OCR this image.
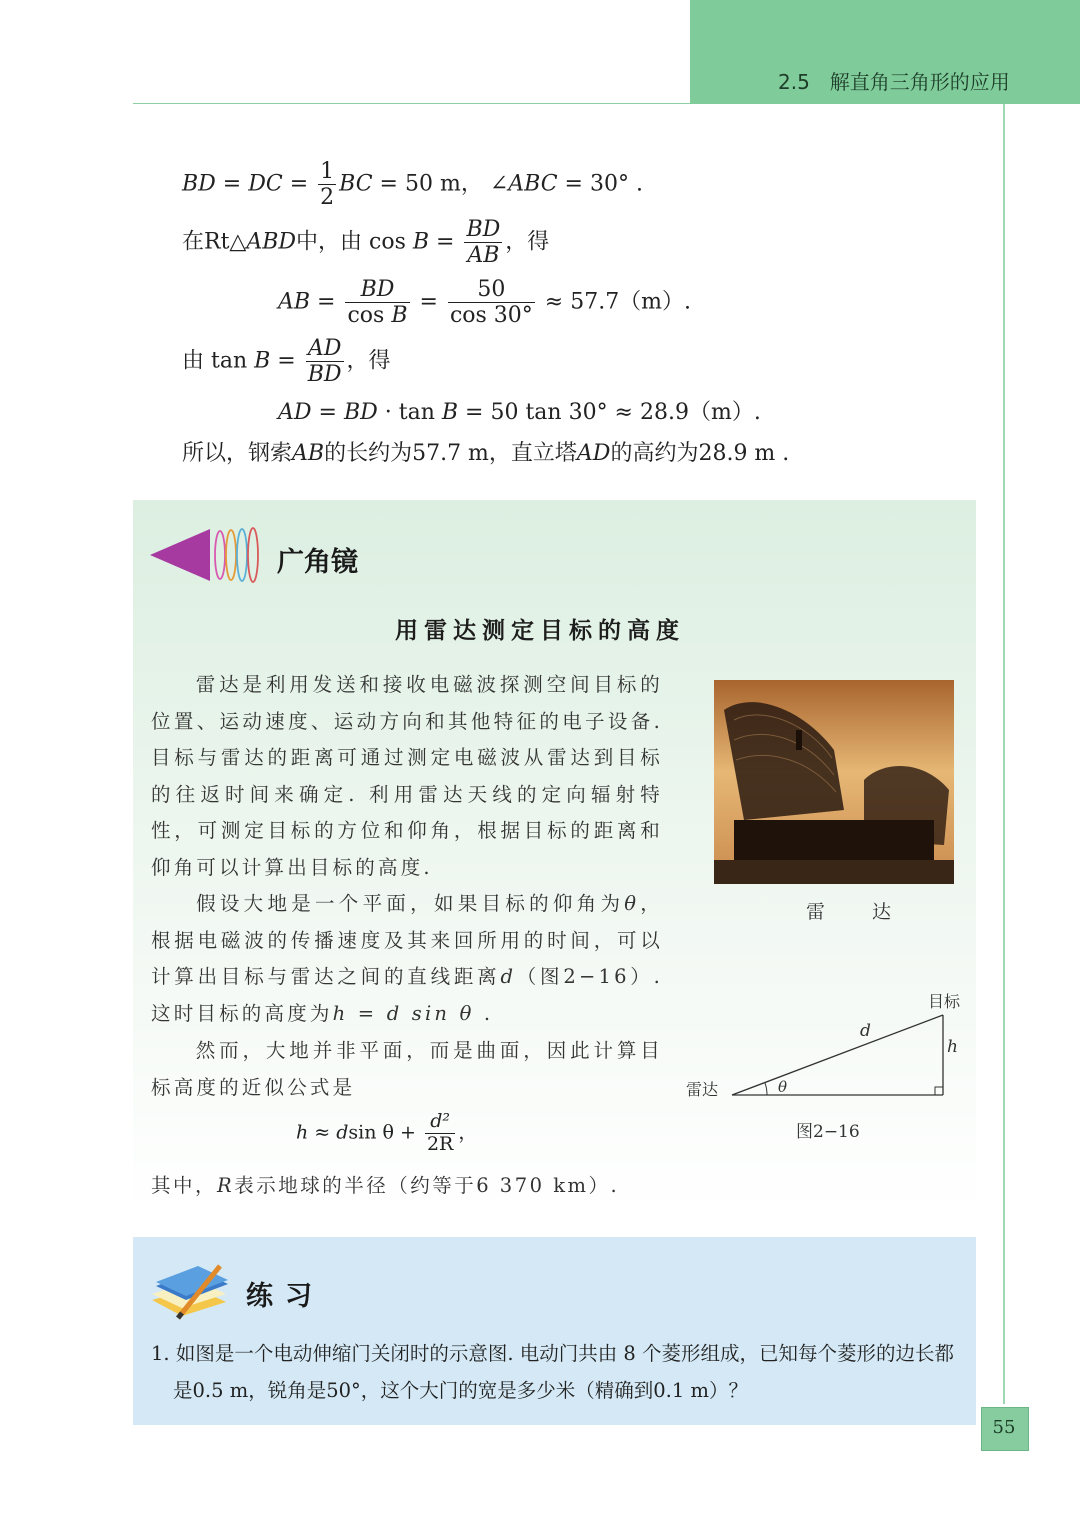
2.5　解直角三角形的应用
BD = DC = $\frac{1}{2}$ BC = 50 m， ∠ABC = 30° .
在Rt△ABD中，由 $\cos B = \frac{BD}{AB}$ ，得
AB = $\frac{BD}{\text{cos B}} = \frac{50}{\cos 30^\circ} \approx 57.7(m)$.
由 $\tan B = \frac{AD}{BD}$ ，得
AD = BD · tan B = 50 tan 30° ≈ 28.9（m）.
所以，钢索AB的长约为57.7 m，直立塔AD的高约为28.9 m .
广角镜
用雷达测定目标的高度

雷达是利用发送和接收电磁波探测空间目标的位置、运动速度、运动方向和其他特征的电子设备. 目标与雷达的距离可通过测定电磁波从雷达到目标的往返时间来确定. 利用雷达天线的定向辐射特性，可测定目标的方位和仰角，根据目标的距离和仰角可以计算出目标的高度.

假设大地是一个平面，如果目标的仰角为θ，根据电磁波的传播速度及其来回所用的时间，可以计算出目标与雷达之间的直线距离d（图2−16）. 这时目标的高度为h = d sin θ .

然而，大地并非平面，而是曲面，因此计算目标高度的近似公式是

h ≈ dsin $\theta + \frac{\text{d²}}{2R}$ ，
其中，R表示地球的半径（约等于6 370 km）.
雷　达
目标
雷达
d
h
θ
图2−16
练习
1. 如图是一个电动伸缩门关闭时的示意图. 电动门共由 8 个菱形组成，已知每个菱形的边长都是0.5 m，锐角是50°，这个大门的宽是多少米（精确到0.1 m）？
55
